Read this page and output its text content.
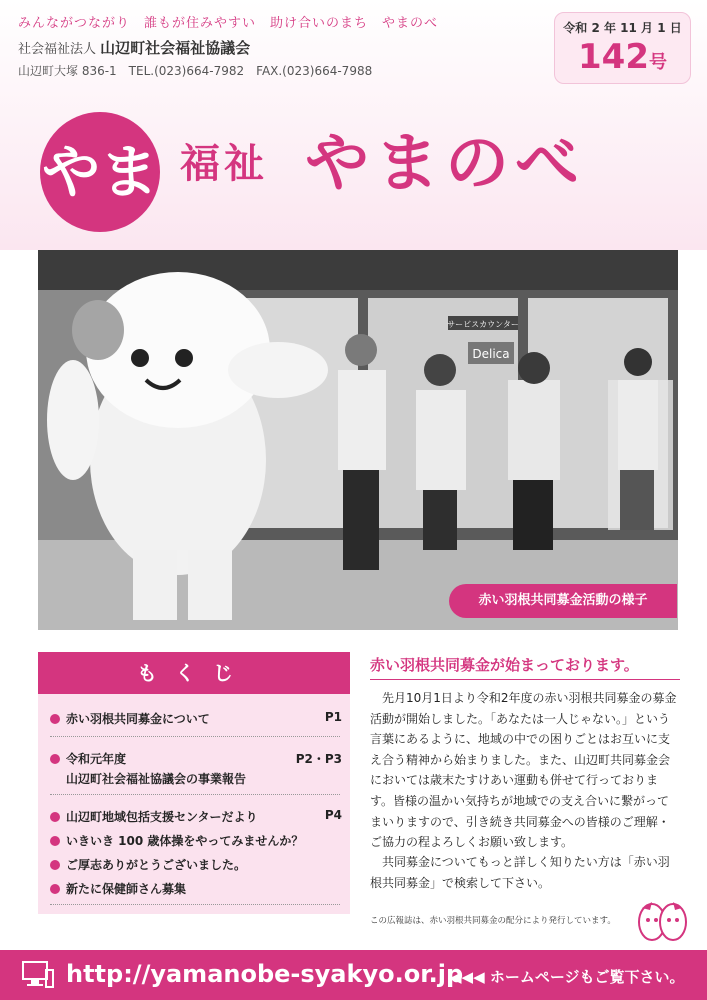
みんながつながり　誰もが住みやすい　助け合いのまち　やまのべ
社会福祉法人 山辺町社会福祉協議会
山辺町大塚 836-1　TEL.(023)664-7982　FAX.(023)664-7988
令和 2 年 11 月 1 日
142号
やま 福祉 やまのべ
サービスカウンター
Delica
赤い羽根共同募金活動の様子
もくじ
赤い羽根共同募金について	P1
令和元年度	P2・P3
山辺町社会福祉協議会の事業報告
山辺町地域包括支援センターだより	P4
いきいき 100 歳体操をやってみませんか？
ご厚志ありがとうございました。
新たに保健師さん募集
赤い羽根共同募金が始まっております。
先月10月1日より令和2年度の赤い羽根共同募金の募金活動が開始しました。「あなたは一人じゃない。」という言葉にあるように、地域の中での困りごとはお互いに支え合う精神から始まりました。また、山辺町共同募金会においては歳末たすけあい運動も併せて行っております。皆様の温かい気持ちが地域での支え合いに繋がってまいりますので、引き続き共同募金への皆様のご理解・ご協力の程よろしくお願い致します。
共同募金についてもっと詳しく知りたい方は「赤い羽根共同募金」で検索して下さい。
この広報誌は、赤い羽根共同募金の配分により発行しています。
http://yamanobe-syakyo.or.jp
◀◀◀ ホームページもご覧下さい。
